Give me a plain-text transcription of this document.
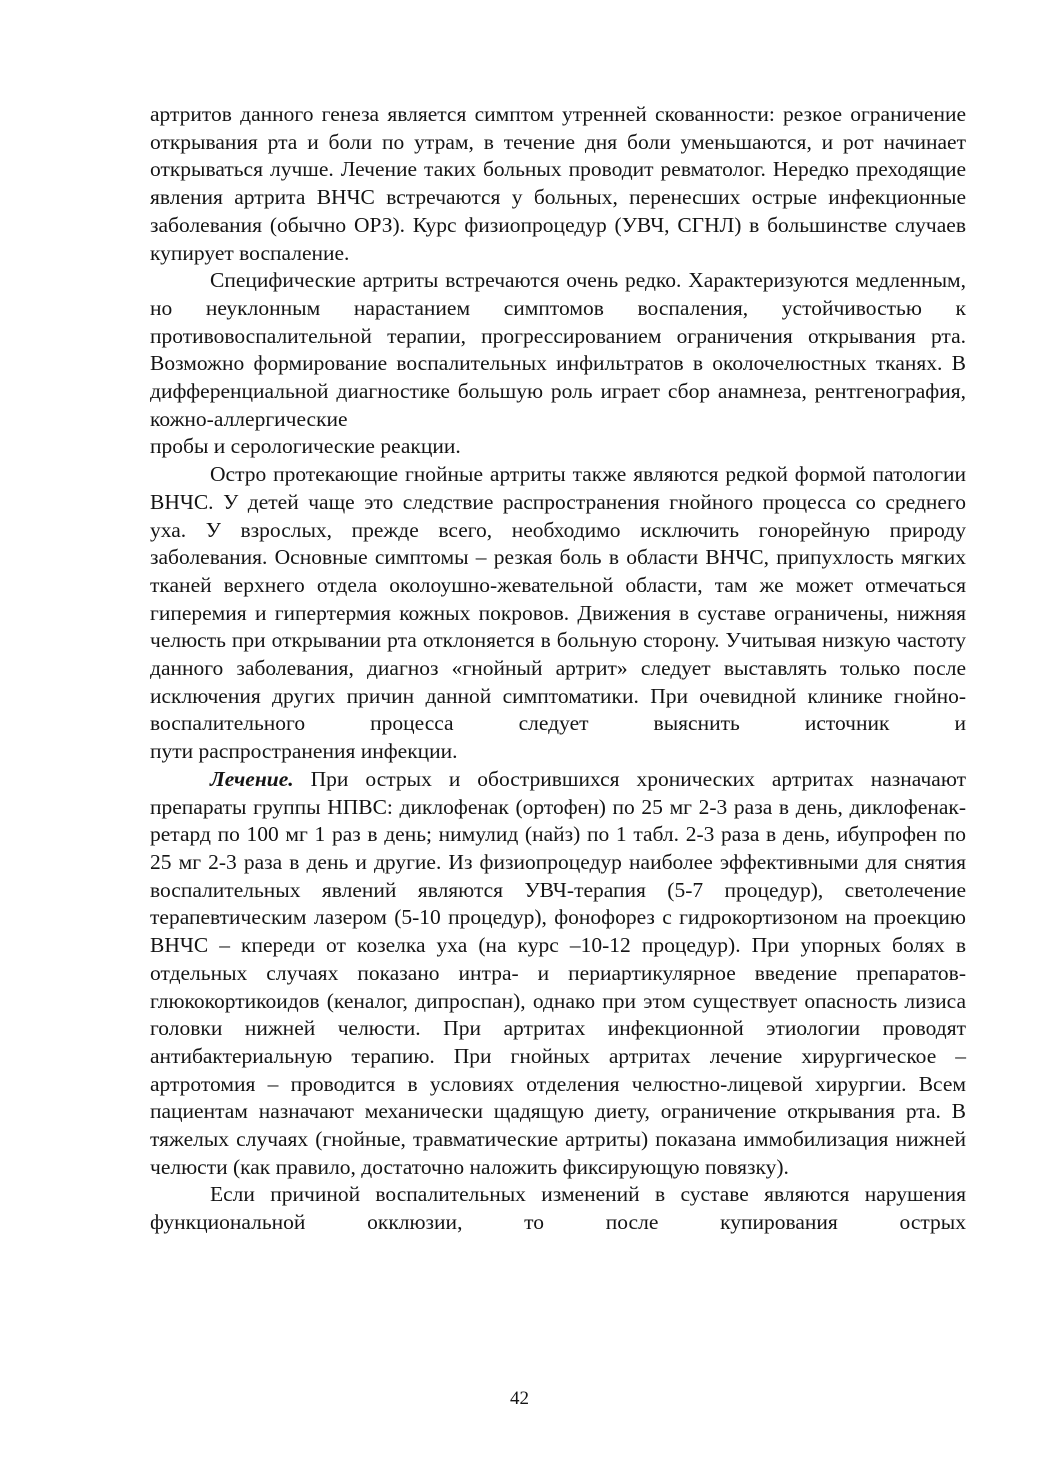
артритов данного генеза является симптом утренней скованности: резкое ограничение открывания рта и боли по утрам, в течение дня боли уменьшаются, и рот начинает открываться лучше. Лечение таких больных проводит ревматолог. Нередко преходящие явления артрита ВНЧС встречаются у больных, перенесших острые инфекционные заболевания (обычно ОРЗ). Курс физиопроцедур (УВЧ, СГНЛ) в большинстве случаев
купирует воспаление.

Специфические артриты встречаются очень редко. Характеризуются медленным, но неуклонным нарастанием симптомов воспаления, устойчивостью к противовоспалительной терапии, прогрессированием ограничения открывания рта. Возможно формирование воспалительных инфильтратов в околочелюстных тканях. В дифференциальной диагностике большую роль играет сбор анамнеза, рентгенография, кожно-аллергические
пробы и серологические реакции.

Остро протекающие гнойные артриты также являются редкой формой патологии ВНЧС. У детей чаще это следствие распространения гнойного процесса со среднего уха. У взрослых, прежде всего, необходимо исключить гонорейную природу заболевания. Основные симптомы – резкая боль в области ВНЧС, припухлость мягких тканей верхнего отдела околоушно-жевательной области, там же может отмечаться гиперемия и гипертермия кожных покровов. Движения в суставе ограничены, нижняя челюсть при открывании рта отклоняется в больную сторону. Учитывая низкую частоту данного заболевания, диагноз «гнойный артрит» следует выставлять только после исключения других причин данной симптоматики. При очевидной клинике гнойно-воспалительного процесса следует выяснить источник и
пути распространения инфекции.

Лечение. При острых и обострившихся хронических артритах назначают препараты группы НПВС: диклофенак (ортофен) по 25 мг 2-3 раза в день, диклофенак-ретард по 100 мг 1 раз в день; нимулид (найз) по 1 табл. 2-3 раза в день, ибупрофен по 25 мг 2-3 раза в день и другие. Из физиопроцедур наиболее эффективными для снятия воспалительных явлений являются УВЧ-терапия (5-7 процедур), светолечение терапевтическим лазером (5-10 процедур), фонофорез с гидрокортизоном на проекцию ВНЧС – кпереди от козелка уха (на курс –10-12 процедур). При упорных болях в отдельных случаях показано интра- и периартикулярное введение препаратов-глюкокортикоидов (кеналог, дипроспан), однако при этом существует опасность лизиса головки нижней челюсти. При артритах инфекционной этиологии проводят антибактериальную терапию. При гнойных артритах лечение хирургическое – артротомия – проводится в условиях отделения челюстно-лицевой хирургии. Всем пациентам назначают механически щадящую диету, ограничение открывания рта. В тяжелых случаях (гнойные, травматические артриты) показана иммобилизация нижней челюсти (как правило, достаточно наложить фиксирующую повязку).

Если причиной воспалительных изменений в суставе являются нарушения функциональной окклюзии, то после купирования острых

42
